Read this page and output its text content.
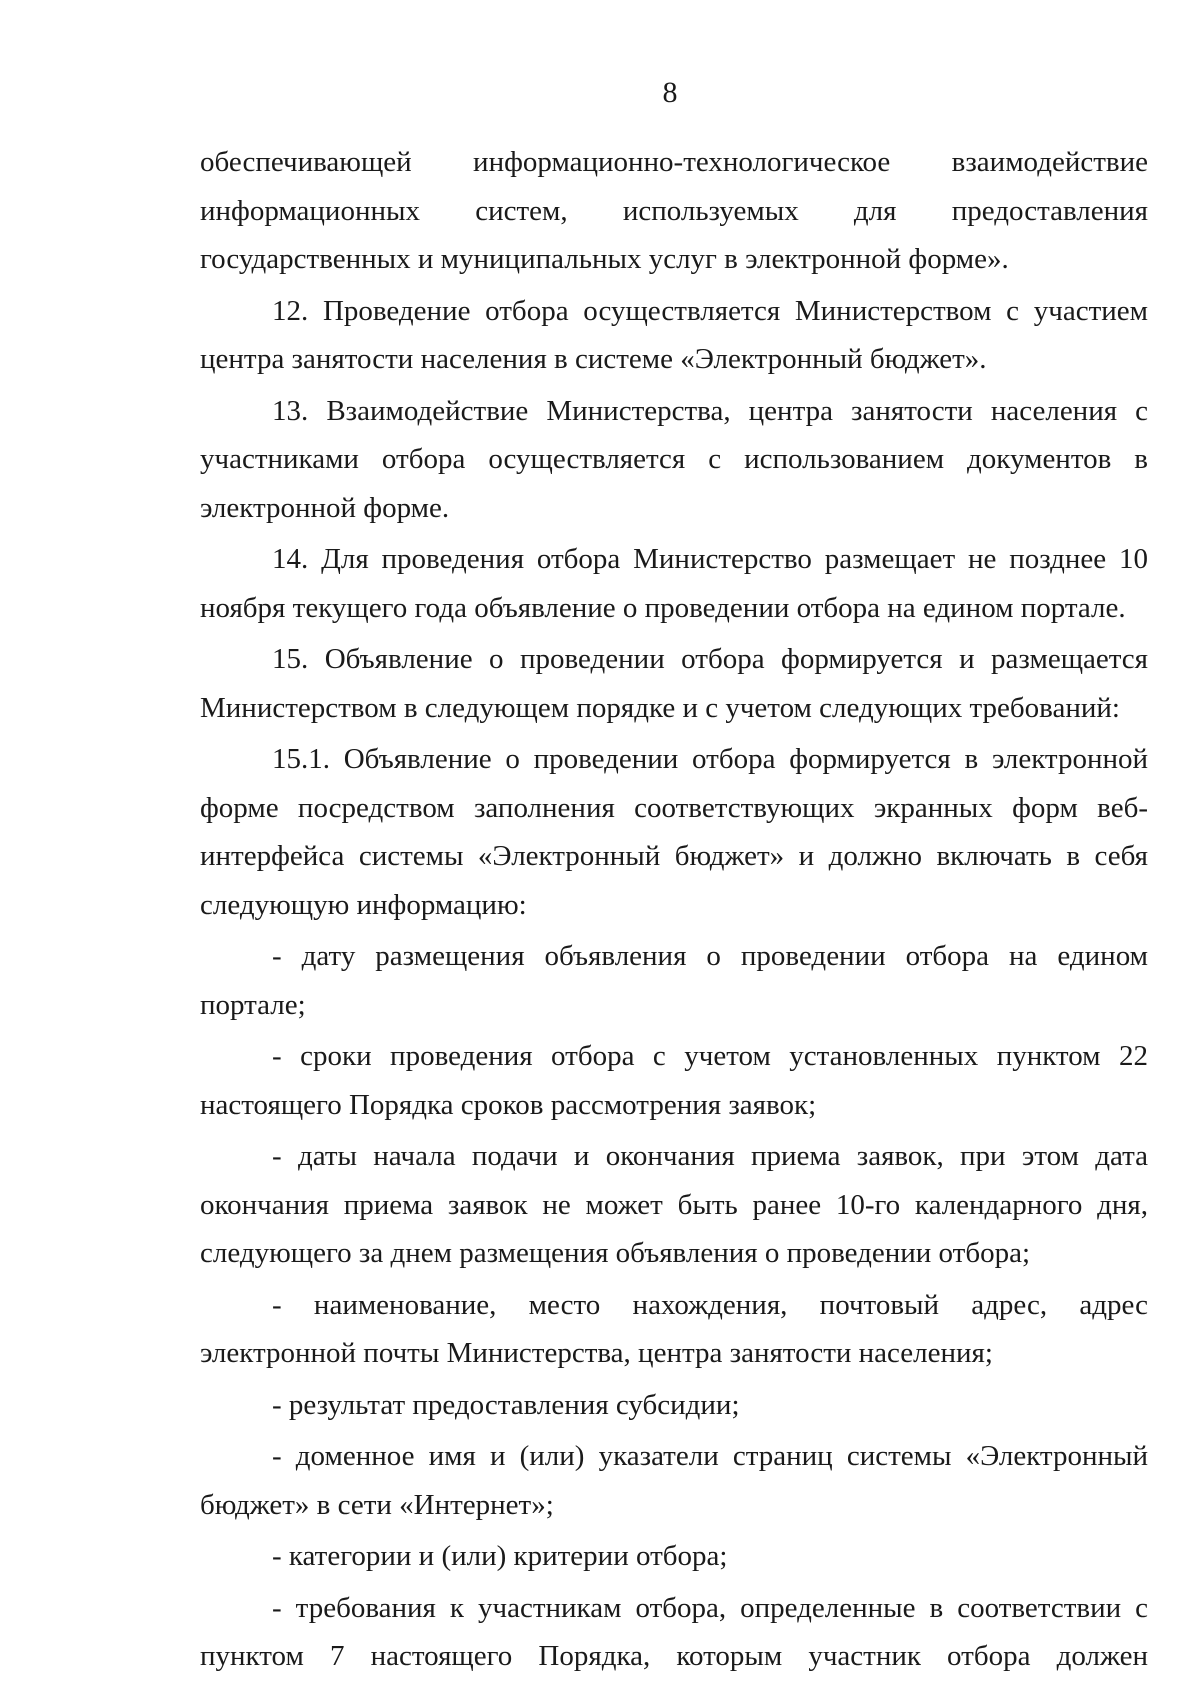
8

обеспечивающей информационно-технологическое взаимодействие информационных систем, используемых для предоставления государственных и муниципальных услуг в электронной форме».

12. Проведение отбора осуществляется Министерством с участием центра занятости населения в системе «Электронный бюджет».

13. Взаимодействие Министерства, центра занятости населения с участниками отбора осуществляется с использованием документов в электронной форме.

14. Для проведения отбора Министерство размещает не позднее 10 ноября текущего года объявление о проведении отбора на едином портале.

15. Объявление о проведении отбора формируется и размещается Министерством в следующем порядке и с учетом следующих требований:

15.1. Объявление о проведении отбора формируется в электронной форме посредством заполнения соответствующих экранных форм веб-интерфейса системы «Электронный бюджет» и должно включать в себя следующую информацию:

- дату размещения объявления о проведении отбора на едином портале;

- сроки проведения отбора с учетом установленных пунктом 22 настоящего Порядка сроков рассмотрения заявок;

- даты начала подачи и окончания приема заявок, при этом дата окончания приема заявок не может быть ранее 10-го календарного дня, следующего за днем размещения объявления о проведении отбора;

- наименование, место нахождения, почтовый адрес, адрес электронной почты Министерства, центра занятости населения;

- результат предоставления субсидии;

- доменное имя и (или) указатели страниц системы «Электронный бюджет» в сети «Интернет»;

- категории и (или) критерии отбора;

- требования к участникам отбора, определенные в соответствии с пунктом 7 настоящего Порядка, которым участник отбора должен
